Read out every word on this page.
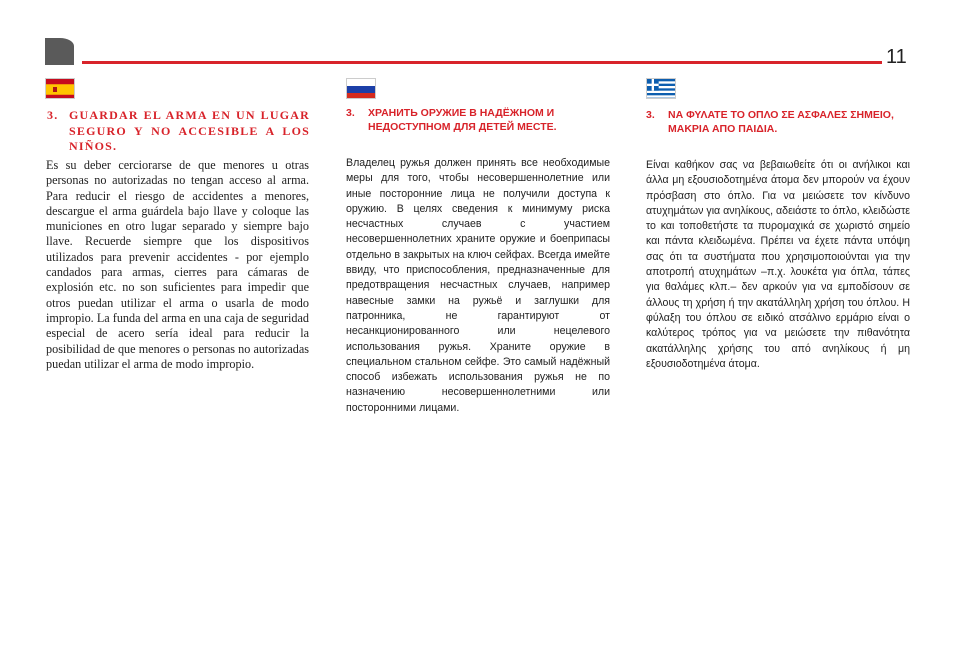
11
3. GUARDAR EL ARMA EN UN LUGAR SEGURO Y NO ACCESIBLE A LOS NIÑOS.
Es su deber cerciorarse de que menores u otras personas no autorizadas no tengan acceso al arma. Para reducir el riesgo de accidentes a menores, descargue el arma guárdela bajo llave y coloque las municiones en otro lugar separado y siempre bajo llave. Recuerde siempre que los dispositivos utilizados para prevenir accidentes - por ejemplo candados para armas, cierres para cámaras de explosión etc. no son suficientes para impedir que otros puedan utilizar el arma o usarla de modo impropio. La funda del arma en una caja de seguridad especial de acero sería ideal para reducir la posibilidad de que menores o personas no autorizadas puedan utilizar el arma de modo impropio.
3. ХРАНИТЬ ОРУЖИЕ В НАДЁЖНОМ И НЕДОСТУПНОМ ДЛЯ ДЕТЕЙ МЕСТЕ.
Владелец ружья должен принять все необходимые меры для того, чтобы несовершеннолетние или иные посторонние лица не получили доступа к оружию. В целях сведения к минимуму риска несчастных случаев с участием несовершеннолетних храните оружие и боеприпасы отдельно в закрытых на ключ сейфах. Всегда имейте ввиду, что приспособления, предназначенные для предотвращения несчастных случаев, например навесные замки на ружьё и заглушки для патронника, не гарантируют от несанкционированного или нецелевого использования ружья. Храните оружие в специальном стальном сейфе. Это самый надёжный способ избежать использования ружья не по назначению несовершеннолетними или посторонними лицами.
3. ΝΑ ΦΥΛΑΤΕ ΤΟ ΟΠΛΟ ΣΕ ΑΣΦΑΛΕΣ ΣΗΜΕΙΟ, ΜΑΚΡΙΑ ΑΠΟ ΠΑΙΔΙΑ.
Είναι καθήκον σας να βεβαιωθείτε ότι οι ανήλικοι και άλλα μη εξουσιοδοτημένα άτομα δεν μπορούν να έχουν πρόσβαση στο όπλο. Για να μειώσετε τον κίνδυνο ατυχημάτων για ανηλίκους, αδειάστε το όπλο, κλειδώστε το και τοποθετήστε τα πυρομαχικά σε χωριστό σημείο και πάντα κλειδωμένα. Πρέπει να έχετε πάντα υπόψη σας ότι τα συστήματα που χρησιμοποιούνται για την αποτροπή ατυχημάτων –π.χ. λουκέτα για όπλα, τάπες για θαλάμες κλπ.– δεν αρκούν για να εμποδίσουν σε άλλους τη χρήση ή την ακατάλληλη χρήση του όπλου. Η φύλαξη του όπλου σε ειδικό ατσάλινο ερμάριο είναι ο καλύτερος τρόπος για να μειώσετε την πιθανότητα ακατάλληλης χρήσης του από ανηλίκους ή μη εξουσιοδοτημένα άτομα.
